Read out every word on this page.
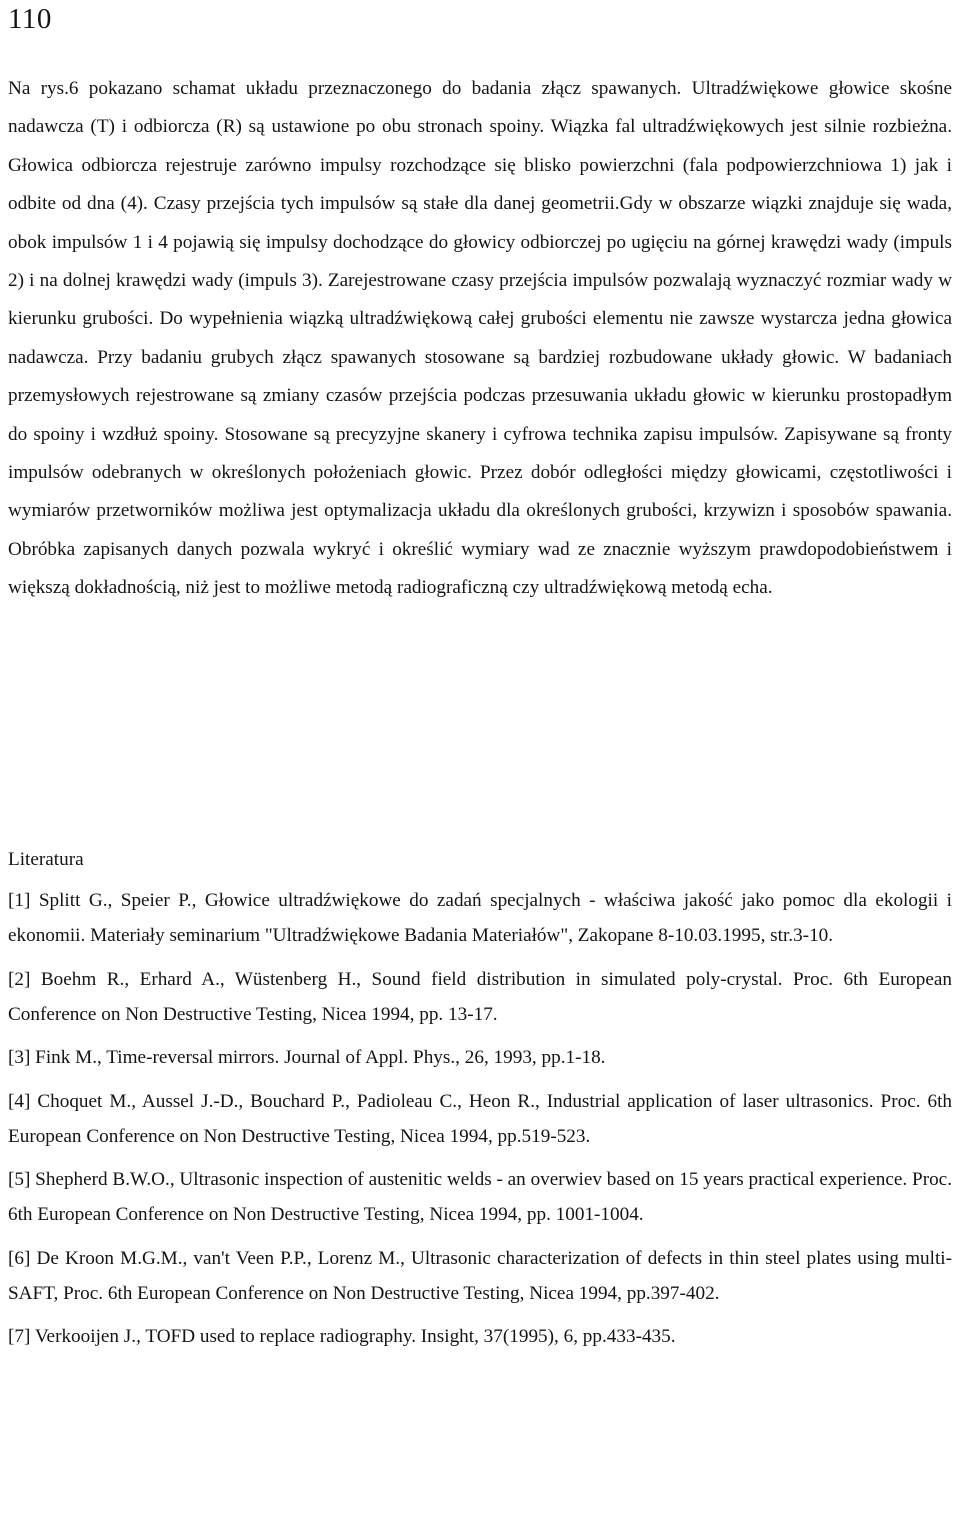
110

Na rys.6 pokazano schamat układu przeznaczonego do badania złącz spawanych. Ultradźwiękowe głowice skośne nadawcza (T) i odbiorcza (R) są ustawione po obu stronach spoiny. Wiązka fal ultradźwiękowych jest silnie rozbieżna. Głowica odbiorcza rejestruje zarówno impulsy rozchodzące się blisko powierzchni (fala podpowierzchniowa 1) jak i odbite od dna (4). Czasy przejścia tych impulsów są stałe dla danej geometrii.Gdy w obszarze wiązki znajduje się wada, obok impulsów 1 i 4 pojawią się impulsy dochodzące do głowicy odbiorczej po ugięciu na górnej krawędzi wady (impuls 2) i na dolnej krawędzi wady (impuls 3). Zarejestrowane czasy przejścia impulsów pozwalają wyznaczyć rozmiar wady w kierunku grubości. Do wypełnienia wiązką ultradźwiękową całej grubości elementu nie zawsze wystarcza jedna głowica nadawcza. Przy badaniu grubych złącz spawanych stosowane są bardziej rozbudowane układy głowic. W badaniach przemysłowych rejestrowane są zmiany czasów przejścia podczas przesuwania układu głowic w kierunku prostopadłym do spoiny i wzdłuż spoiny. Stosowane są precyzyjne skanery i cyfrowa technika zapisu impulsów. Zapisywane są fronty impulsów odebranych w określonych położeniach głowic. Przez dobór odległości między głowicami, częstotliwości i wymiarów przetworników możliwa jest optymalizacja układu dla określonych grubości, krzywizn i sposobów spawania. Obróbka zapisanych danych pozwala wykryć i określić wymiary wad ze znacznie wyższym prawdopodobieństwem i większą dokładnością, niż jest to możliwe metodą radiograficzną czy ultradźwiękową metodą echa.

Literatura
[1] Splitt G., Speier P., Głowice ultradźwiękowe do zadań specjalnych - właściwa jakość jako pomoc dla ekologii i ekonomii. Materiały seminarium "Ultradźwiękowe Badania Materiałów", Zakopane 8-10.03.1995, str.3-10.
[2] Boehm R., Erhard A., Wüstenberg H., Sound field distribution in simulated poly-crystal. Proc. 6th European Conference on Non Destructive Testing, Nicea 1994, pp. 13-17.
[3] Fink M., Time-reversal mirrors. Journal of Appl. Phys., 26, 1993, pp.1-18.
[4] Choquet M., Aussel J.-D., Bouchard P., Padioleau C., Heon R., Industrial application of laser ultrasonics. Proc. 6th European Conference on Non Destructive Testing, Nicea 1994, pp.519-523.
[5] Shepherd B.W.O., Ultrasonic inspection of austenitic welds - an overwiev based on 15 years practical experience. Proc. 6th European Conference on Non Destructive Testing, Nicea 1994, pp. 1001-1004.
[6] De Kroon M.G.M., van't Veen P.P., Lorenz M., Ultrasonic characterization of defects in thin steel plates using multi-SAFT, Proc. 6th European Conference on Non Destructive Testing, Nicea 1994, pp.397-402.
[7] Verkooijen J., TOFD used to replace radiography. Insight, 37(1995), 6, pp.433-435.
